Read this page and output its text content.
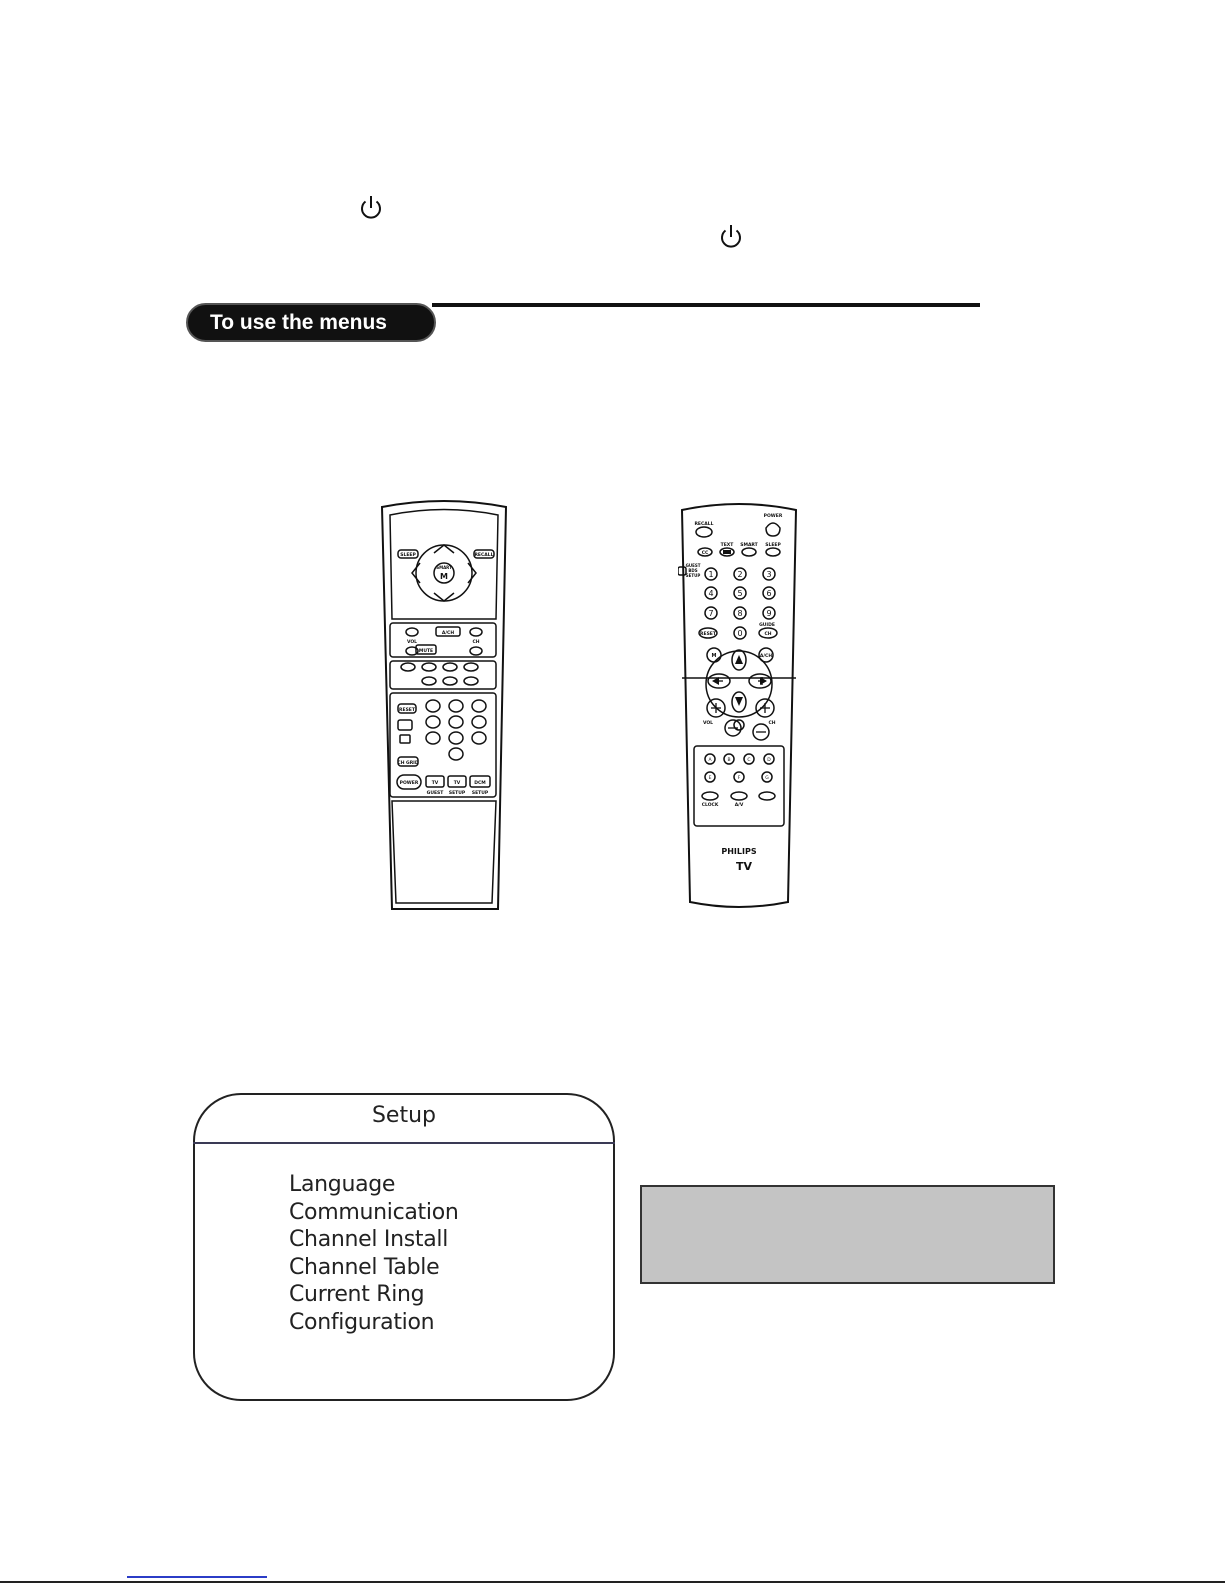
To use the menus
SLEEP	RECALL
SMART
M
A/CH
VOL	CH
MUTE
RESET
CH GRID
POWER	TV	TV	DCM
GUEST SETUP SETUP
RECALL
POWER
CC
TEXT SMART SLEEP
GUEST
BDS
SETUP
RESET
GUIDE
CH
M	A/CH
VOL	CH
CLOCK	A/V
PHILIPS
TV
1	2	3
4	5	6
7	8	9
0
A	B	C	D
E	F	G
Setup
Language
Communication
Channel Install
Channel Table
Current Ring
Configuration
